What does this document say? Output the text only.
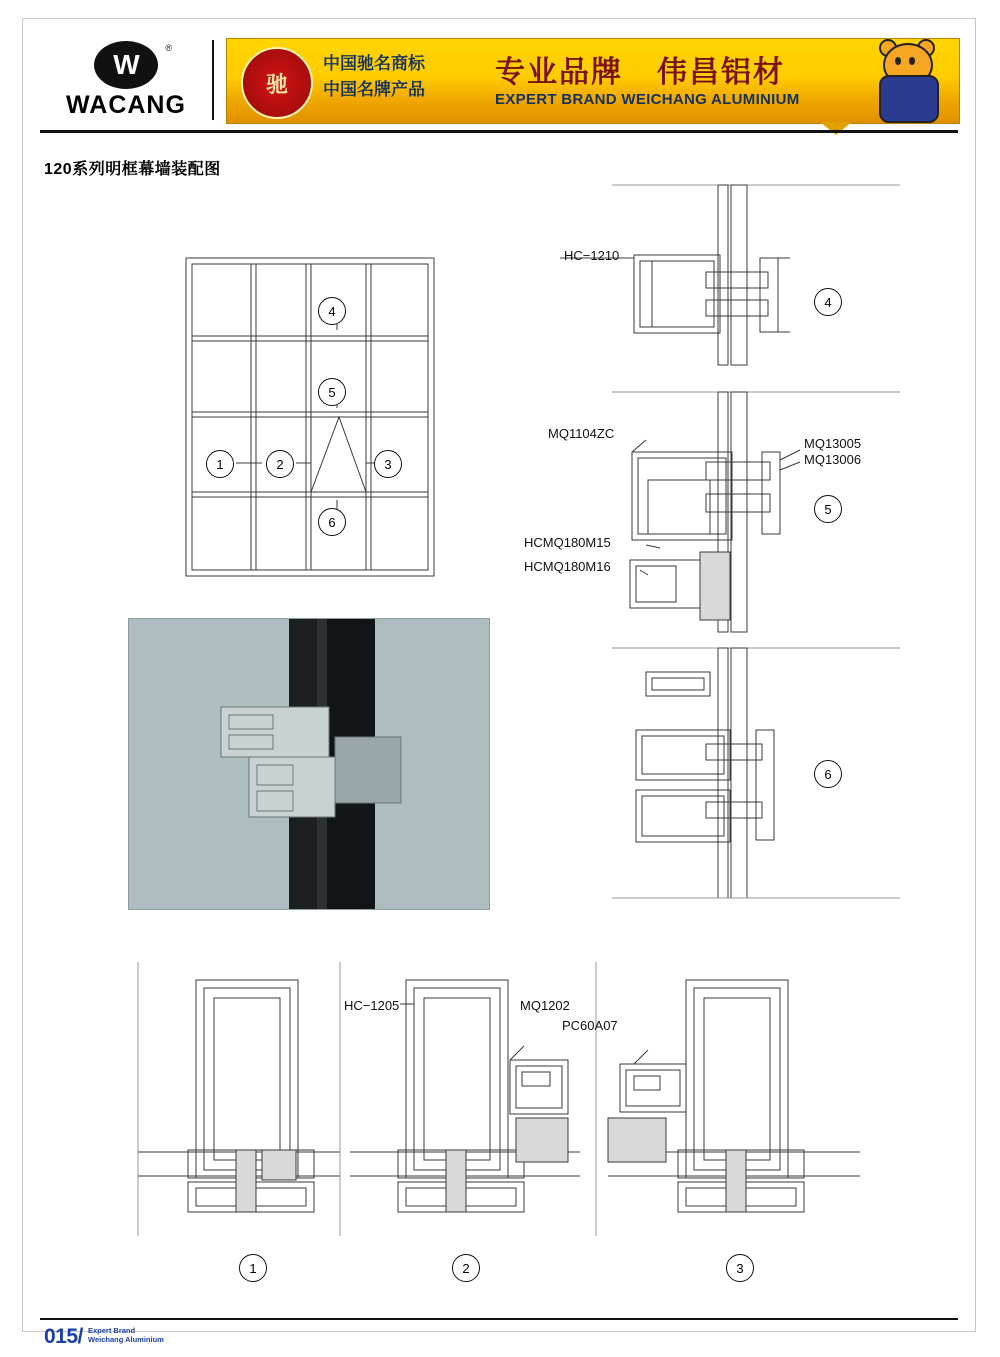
®
W
WACANG
驰
中国驰名商标
中国名牌产品
专业品牌 伟昌铝材
EXPERT BRAND WEICHANG ALUMINIUM
120系列明框幕墙装配图
1	2	3
4
5
6
4
5
6
1	2	3
HC−1210
MQ1104ZC
MQ13005
MQ13006
HCMQ180M15
HCMQ180M16
HC−1205	MQ1202
PC60A07
015/ Expert Brand
Weichang Aluminium
